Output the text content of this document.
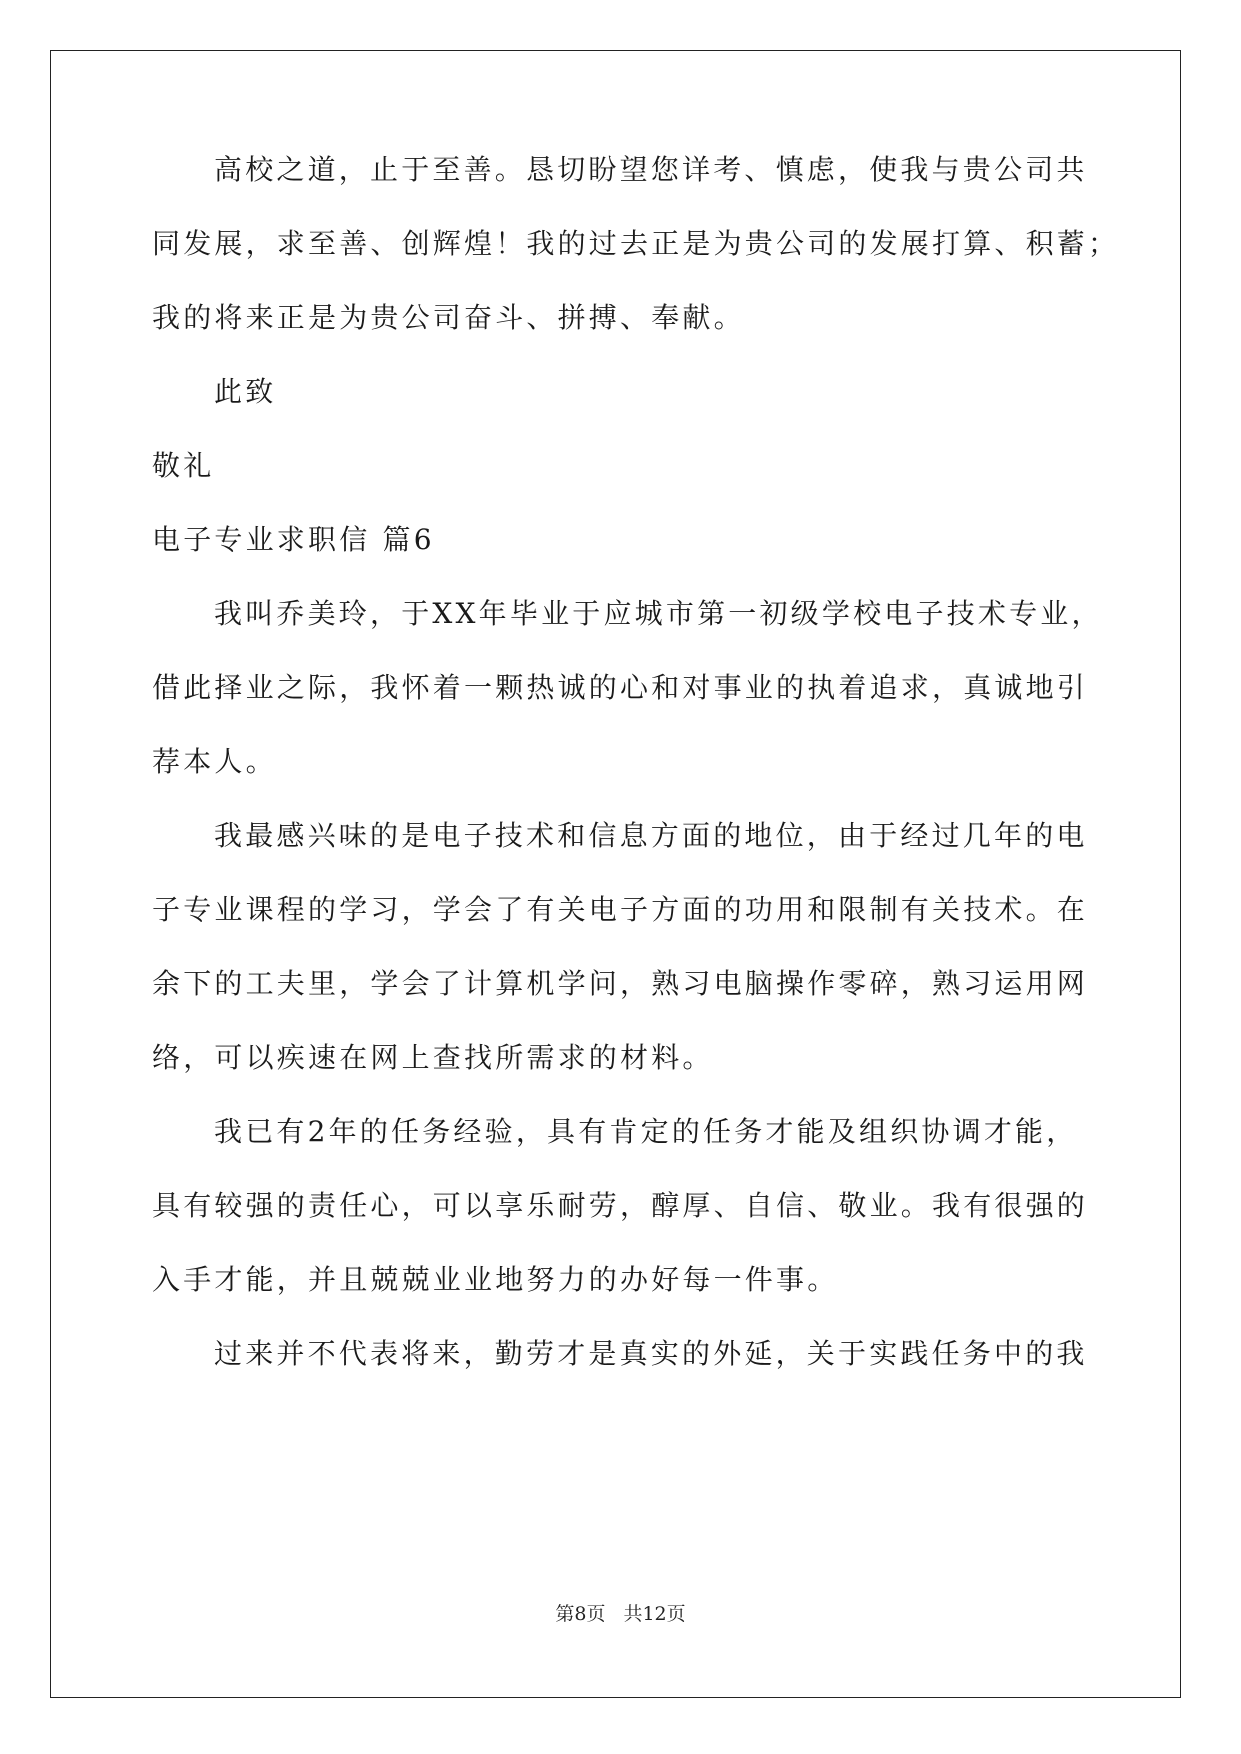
高校之道，止于至善。恳切盼望您详考、慎虑，使我与贵公司共
同发展，求至善、创辉煌！我的过去正是为贵公司的发展打算、积蓄；
我的将来正是为贵公司奋斗、拼搏、奉献。
此致
敬礼
电子专业求职信 篇6
我叫乔美玲，于XX年毕业于应城市第一初级学校电子技术专业，
借此择业之际，我怀着一颗热诚的心和对事业的执着追求，真诚地引
荐本人。
我最感兴味的是电子技术和信息方面的地位，由于经过几年的电
子专业课程的学习，学会了有关电子方面的功用和限制有关技术。在
余下的工夫里，学会了计算机学问，熟习电脑操作零碎，熟习运用网
络，可以疾速在网上查找所需求的材料。
我已有2年的任务经验，具有肯定的任务才能及组织协调才能，
具有较强的责任心，可以享乐耐劳，醇厚、自信、敬业。我有很强的
入手才能，并且兢兢业业地努力的办好每一件事。
过来并不代表将来，勤劳才是真实的外延，关于实践任务中的我
第8页 共12页
